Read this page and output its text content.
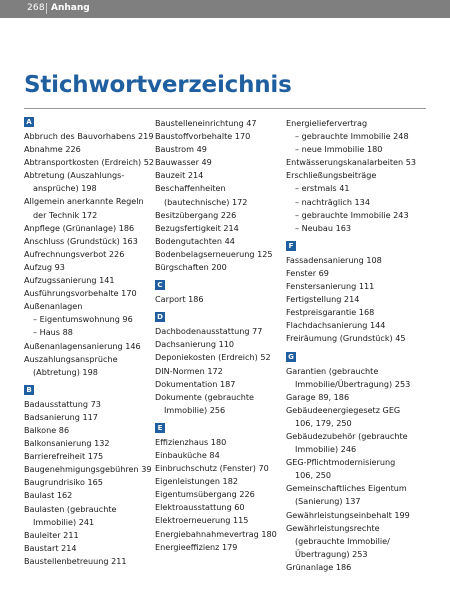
268 Anhang
Stichwortverzeichnis
A
Abbruch des Bauvorhabens 219
Abnahme 226
Abtransportkosten (Erdreich) 52
Abtretung (Auszahlungs-
ansprüche) 198
Allgemein anerkannte Regeln
der Technik 172
Anpflege (Grünanlage) 186
Anschluss (Grundstück) 163
Aufrechnungsverbot 226
Aufzug 93
Aufzugssanierung 141
Ausführungsvorbehalte 170
Außenanlagen
– Eigentumswohnung 96
– Haus 88
Außenanlagensanierung 146
Auszahlungsansprüche
(Abtretung) 198
B
Badausstattung 73
Badsanierung 117
Balkone 86
Balkonsanierung 132
Barrierefreiheit 175
Baugenehmigungsgebühren 39
Baugrundrisiko 165
Baulast 162
Baulasten (gebrauchte
Immobilie) 241
Bauleiter 211
Baustart 214
Baustellenbetreuung 211
Baustelleneinrichtung 47
Baustoffvorbehalte 170
Baustrom 49
Bauwasser 49
Bauzeit 214
Beschaffenheiten
(bautechnische) 172
Besitzübergang 226
Bezugsfertigkeit 214
Bodengutachten 44
Bodenbelagserneuerung 125
Bürgschaften 200
C
Carport 186
D
Dachbodenausstattung 77
Dachsanierung 110
Deponiekosten (Erdreich) 52
DIN-Normen 172
Dokumentation 187
Dokumente (gebrauchte
Immobilie) 256
E
Effizienzhaus 180
Einbauküche 84
Einbruchschutz (Fenster) 70
Eigenleistungen 182
Eigentumsübergang 226
Elektroausstattung 60
Elektroerneuerung 115
Energiebahnahmevertrag 180
Energieeffizienz 179
Energieliefervertrag
– gebrauchte Immobilie 248
– neue Immobilie 180
Entwässerungskanalarbeiten 53
Erschließungsbeiträge
– erstmals 41
– nachträglich 134
– gebrauchte Immobilie 243
– Neubau 163
F
Fassadensanierung 108
Fenster 69
Fenstersanierung 111
Fertigstellung 214
Festpreisgarantie 168
Flachdachsanierung 144
Freiräumung (Grundstück) 45
G
Garantien (gebrauchte
Immobilie/Übertragung) 253
Garage 89, 186
Gebäudeenergiegesetz GEG
106, 179, 250
Gebäudezubehör (gebrauchte
Immobilie) 246
GEG-Pflichtmodernisierung
106, 250
Gemeinschaftliches Eigentum
(Sanierung) 137
Gewährleistungseinbehalt 199
Gewährleistungsrechte
(gebrauchte Immobilie/
Übertragung) 253
Grünanlage 186
